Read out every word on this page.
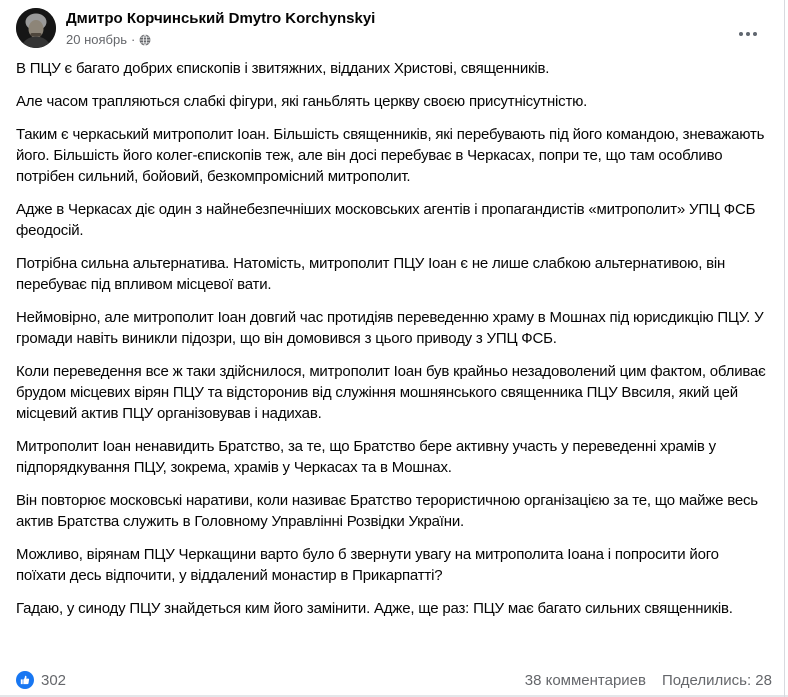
Дмитро Корчинський Dmytro Korchynskyi
20 ноябрь ·

В ПЦУ є багато добрих єпископів і звитяжних, відданих Христові, священників.

Але часом трапляються слабкі фігури, які ганьблять церкву своєю присутнісутністю.

Таким є черкаський митрополит Іоан. Більшість священників, які перебувають під його командою, зневажають його. Більшість його колег-єпископів теж, але він досі перебуває в Черкасах, попри те, що там особливо потрібен сильний, бойовий, безкомпромісний митрополит.

Адже в Черкасах діє один з найнебезпечніших московських агентів і пропагандистів «митрополит» УПЦ ФСБ феодосій.

Потрібна сильна альтернатива. Натомість, митрополит ПЦУ Іоан є не лише слабкою альтернативою, він перебуває під впливом місцевої вати.

Неймовірно, але митрополит Іоан довгий час протидіяв переведенню храму в Мошнах під юрисдикцію ПЦУ. У громади навіть виникли підозри, що він домовився з цього приводу з УПЦ ФСБ.

Коли переведення все ж таки здійснилося, митрополит Іоан був крайньо незадоволений цим фактом, обливає брудом місцевих вірян ПЦУ та відсторонив від служіння мошнянського священника ПЦУ Ввсиля, який цей місцевий актив ПЦУ організовував і надихав.

Митрополит Іоан ненавидить Братство, за те, що Братство бере активну участь у переведенні храмів у підпорядкування ПЦУ, зокрема, храмів у Черкасах та в Мошнах.

Він повторює московські наративи, коли називає Братство терористичною організацією за те, що майже весь актив Братства служить в Головному Управлінні Розвідки України.

Можливо, вірянам ПЦУ Черкащини варто було б звернути увагу на митрополита Іоана і попросити його поїхати десь відпочити, у віддалений монастир в Прикарпатті?

Гадаю, у синоду ПЦУ знайдеться ким його замінити. Адже, ще раз: ПЦУ має багато сильних священників.

302	38 комментариев Поделились: 28
